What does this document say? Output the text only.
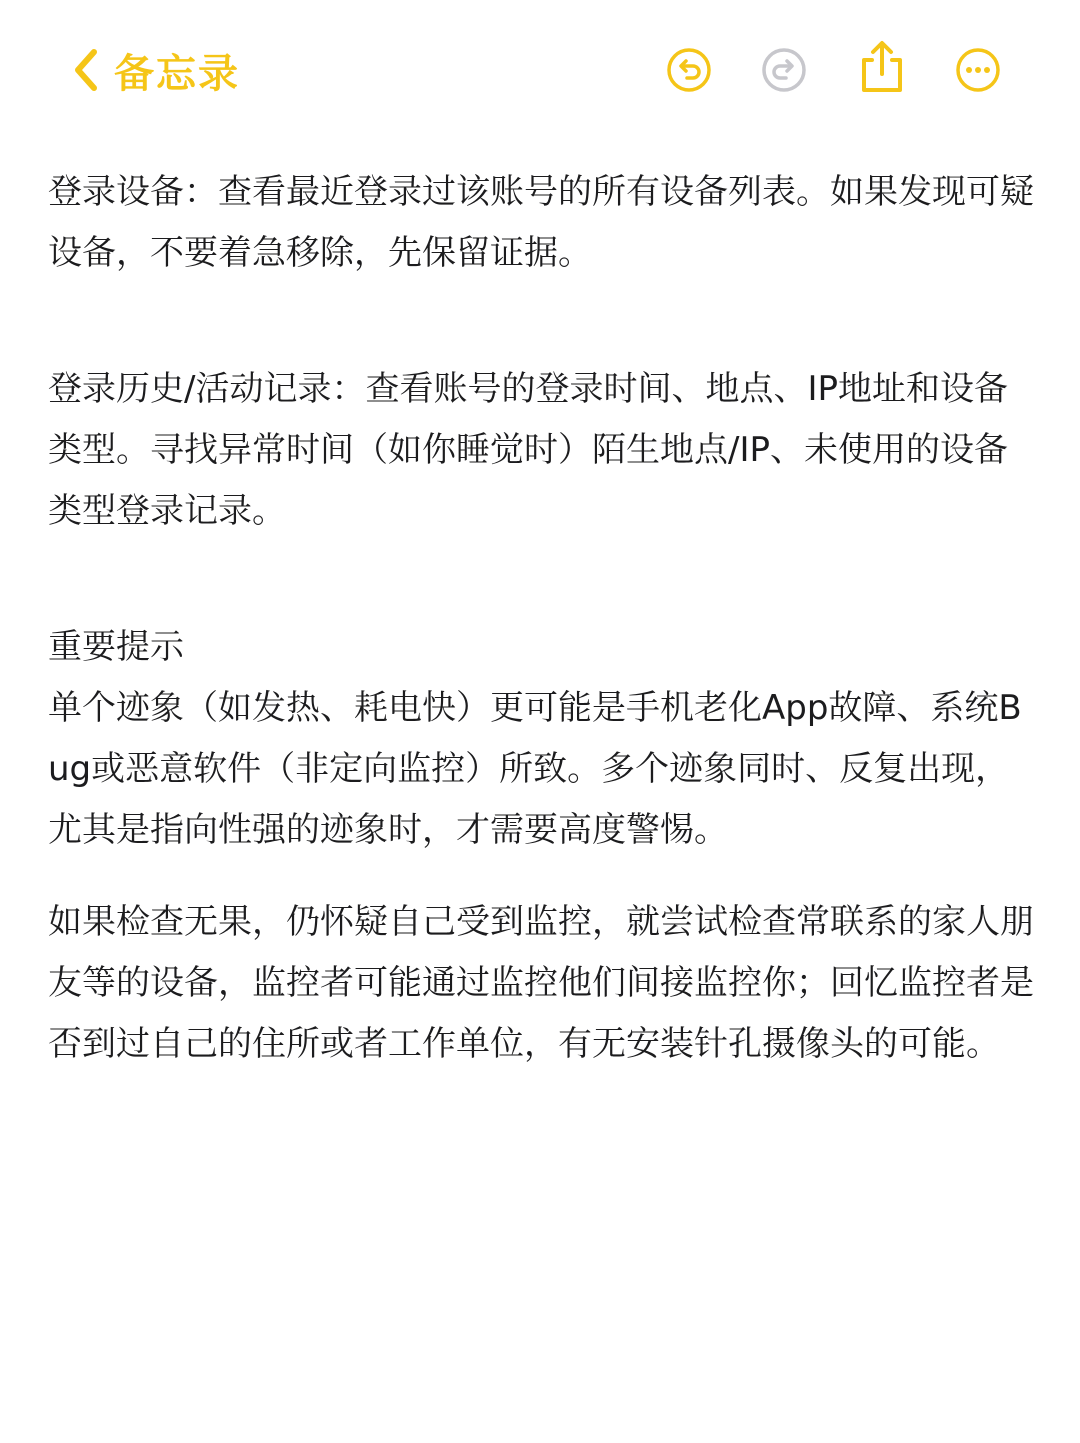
备忘录

登录设备：查看最近登录过该账号的所有设备列表。如果发现可疑设备，不要着急移除，先保留证据。

登录历史/活动记录：查看账号的登录时间、地点、IP地址和设备类型。寻找异常时间（如你睡觉时）陌生地点/IP、未使用的设备类型登录记录。

重要提示

单个迹象（如发热、耗电快）更可能是手机老化App故障、系统Bug或恶意软件（非定向监控）所致。多个迹象同时、反复出现，尤其是指向性强的迹象时，才需要高度警惕。

如果检查无果，仍怀疑自己受到监控，就尝试检查常联系的家人朋友等的设备，监控者可能通过监控他们间接监控你；回忆监控者是否到过自己的住所或者工作单位，有无安装针孔摄像头的可能。
